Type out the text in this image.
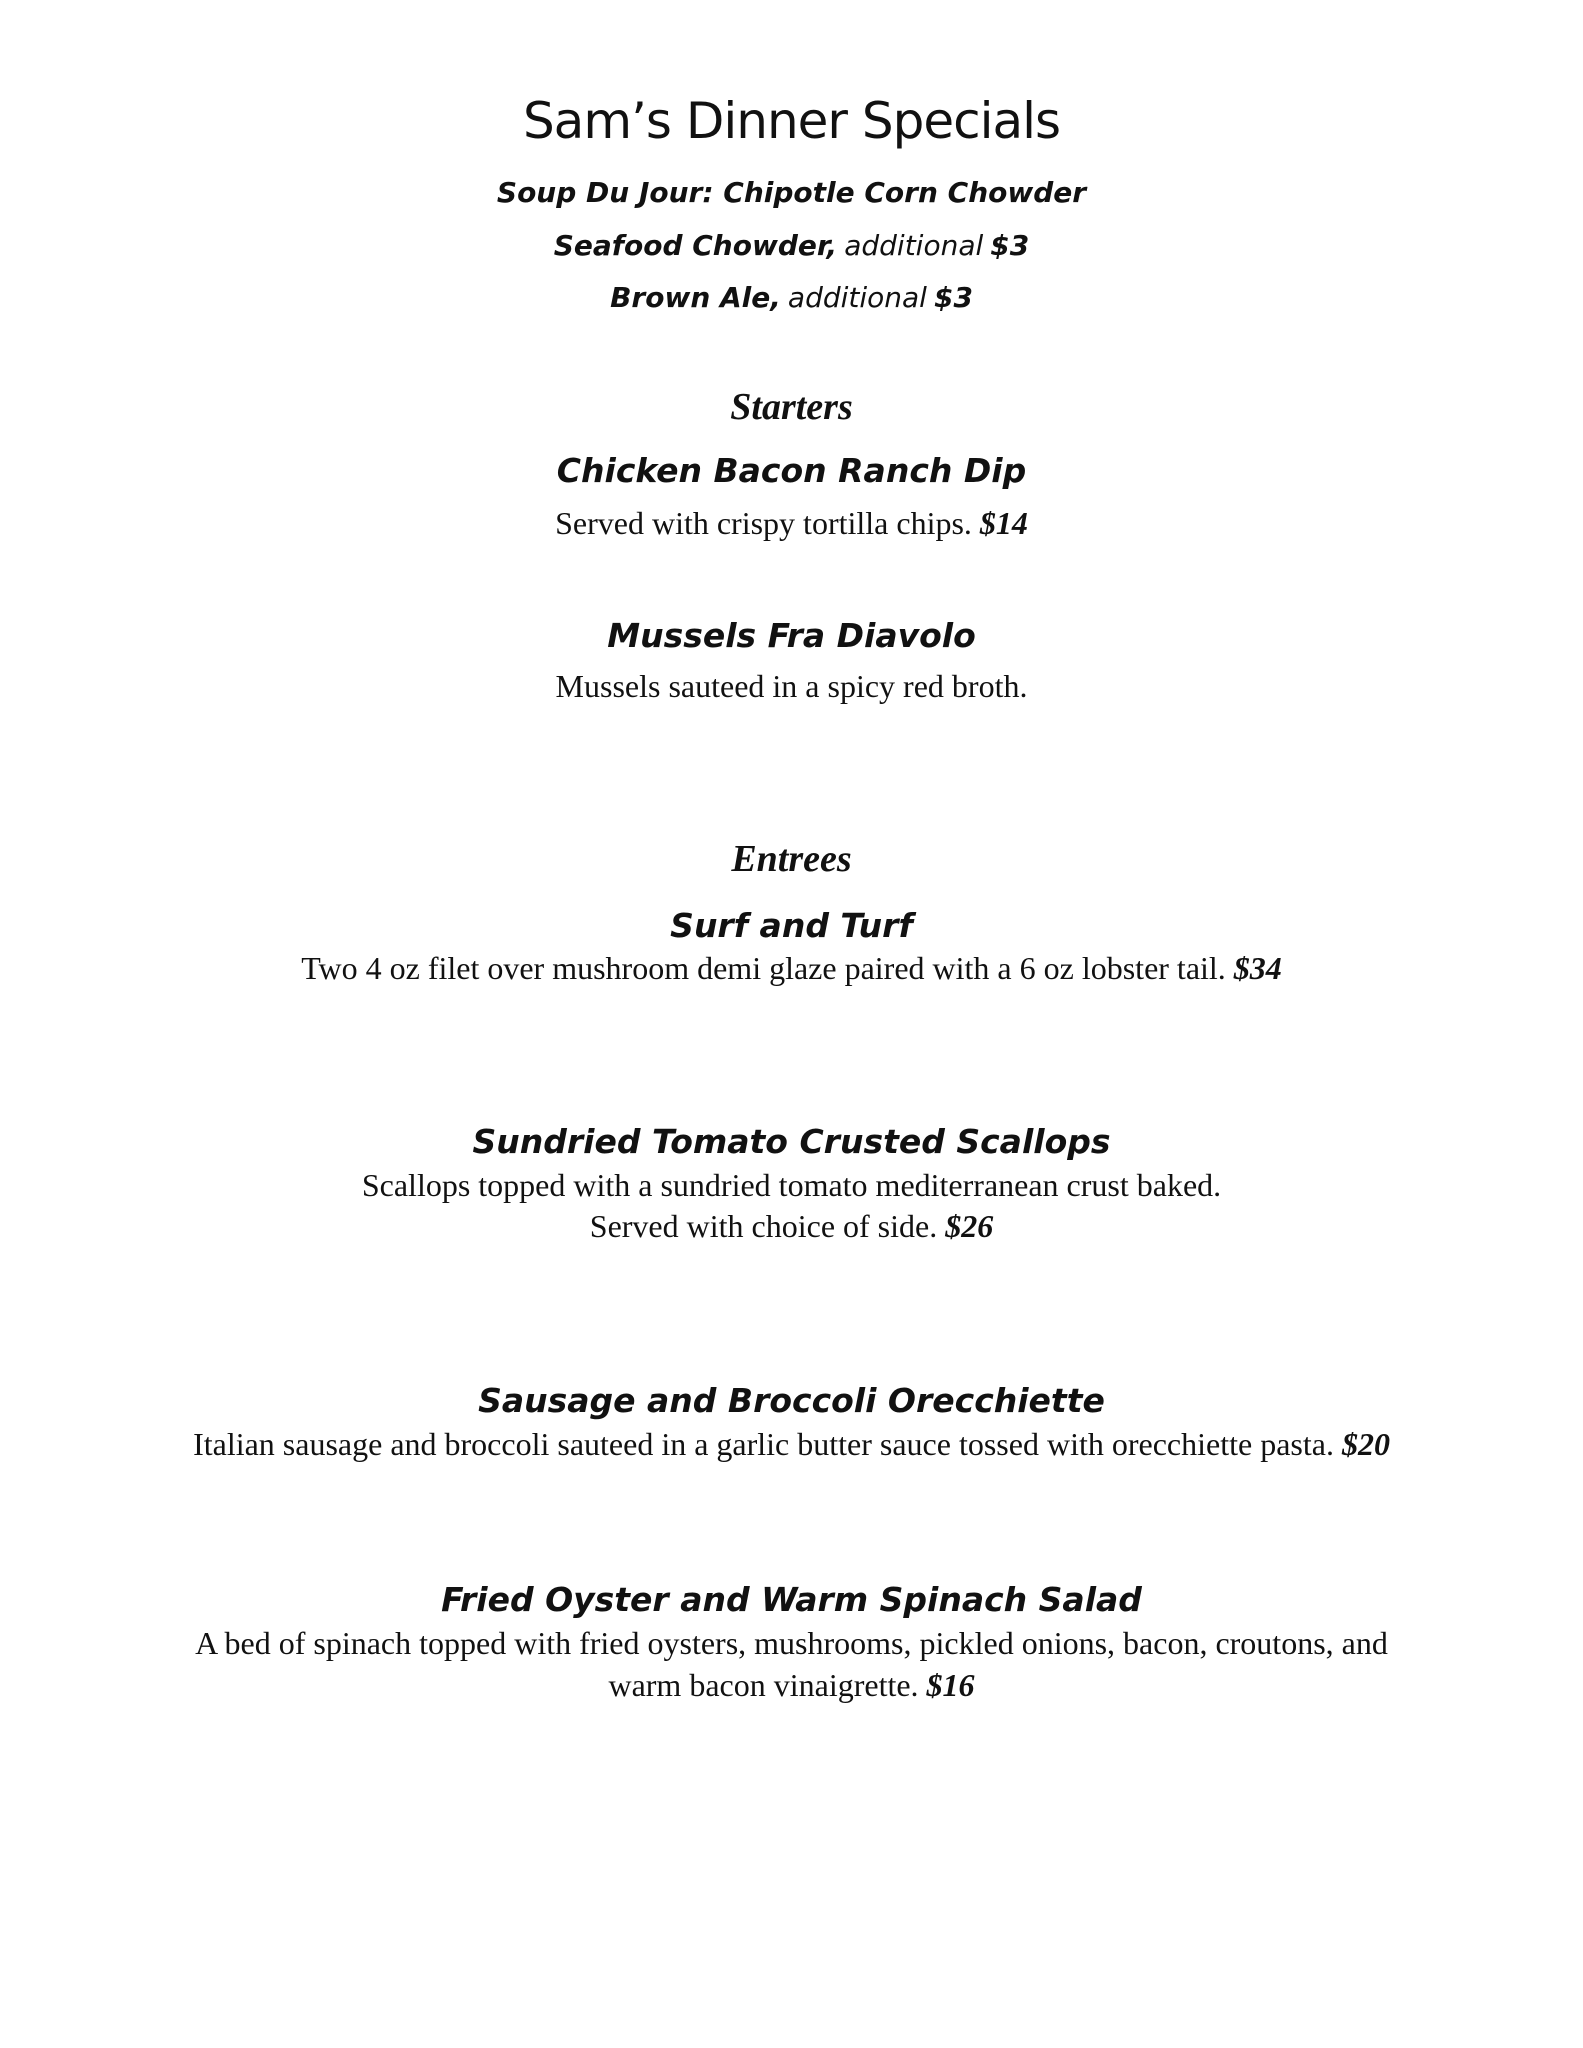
Sam’s Dinner Specials
Soup Du Jour: Chipotle Corn Chowder
Seafood Chowder, additional $3
Brown Ale, additional $3
Starters
Chicken Bacon Ranch Dip
Served with crispy tortilla chips. $14
Mussels Fra Diavolo
Mussels sauteed in a spicy red broth.
Entrees
Surf and Turf
Two 4 oz filet over mushroom demi glaze paired with a 6 oz lobster tail. $34
Sundried Tomato Crusted Scallops
Scallops topped with a sundried tomato mediterranean crust baked.
Served with choice of side. $26
Sausage and Broccoli Orecchiette
Italian sausage and broccoli sauteed in a garlic butter sauce tossed with orecchiette pasta. $20
Fried Oyster and Warm Spinach Salad
A bed of spinach topped with fried oysters, mushrooms, pickled onions, bacon, croutons, and
warm bacon vinaigrette. $16
